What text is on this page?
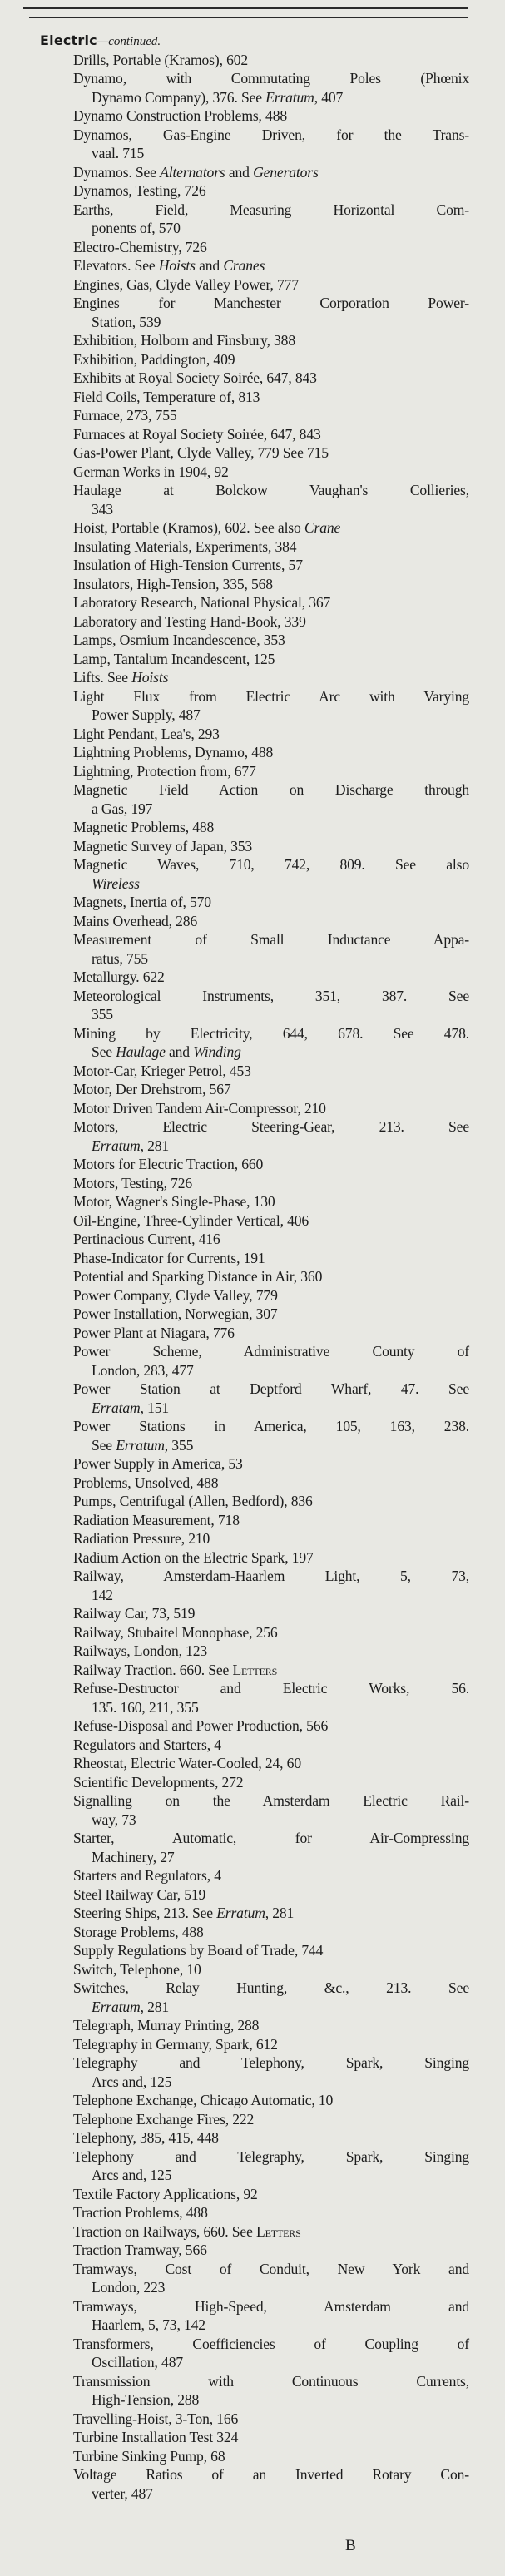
Electric—continued.
Drills, Portable (Kramos), 602
Dynamo, with Commutating Poles (Phœnix
Dynamo Company), 376. See Erratum, 407
Dynamo Construction Problems, 488
Dynamos, Gas-Engine Driven, for the Trans-
vaal. 715
Dynamos. See Alternators and Generators
Dynamos, Testing, 726
Earths, Field, Measuring Horizontal Com-
ponents of, 570
Electro-Chemistry, 726
Elevators. See Hoists and Cranes
Engines, Gas, Clyde Valley Power, 777
Engines for Manchester Corporation Power-
Station, 539
Exhibition, Holborn and Finsbury, 388
Exhibition, Paddington, 409
Exhibits at Royal Society Soirée, 647, 843
Field Coils, Temperature of, 813
Furnace, 273, 755
Furnaces at Royal Society Soirée, 647, 843
Gas-Power Plant, Clyde Valley, 779 See 715
German Works in 1904, 92
Haulage at Bolckow Vaughan's Collieries,
343
Hoist, Portable (Kramos), 602. See also Crane
Insulating Materials, Experiments, 384
Insulation of High-Tension Currents, 57
Insulators, High-Tension, 335, 568
Laboratory Research, National Physical, 367
Laboratory and Testing Hand-Book, 339
Lamps, Osmium Incandescence, 353
Lamp, Tantalum Incandescent, 125
Lifts. See Hoists
Light Flux from Electric Arc with Varying
Power Supply, 487
Light Pendant, Lea's, 293
Lightning Problems, Dynamo, 488
Lightning, Protection from, 677
Magnetic Field Action on Discharge through
a Gas, 197
Magnetic Problems, 488
Magnetic Survey of Japan, 353
Magnetic Waves, 710, 742, 809. See also
Wireless
Magnets, Inertia of, 570
Mains Overhead, 286
Measurement of Small Inductance Appa-
ratus, 755
Metallurgy. 622
Meteorological Instruments, 351, 387. See
355
Mining by Electricity, 644, 678. See 478.
See Haulage and Winding
Motor-Car, Krieger Petrol, 453
Motor, Der Drehstrom, 567
Motor Driven Tandem Air-Compressor, 210
Motors, Electric Steering-Gear, 213. See
Erratum, 281
Motors for Electric Traction, 660
Motors, Testing, 726
Motor, Wagner's Single-Phase, 130
Oil-Engine, Three-Cylinder Vertical, 406
Pertinacious Current, 416
Phase-Indicator for Currents, 191
Potential and Sparking Distance in Air, 360
Power Company, Clyde Valley, 779
Power Installation, Norwegian, 307
Power Plant at Niagara, 776
Power Scheme, Administrative County of
London, 283, 477
Power Station at Deptford Wharf, 47. See
Erratam, 151
Power Stations in America, 105, 163, 238.
See Erratum, 355
Power Supply in America, 53
Problems, Unsolved, 488
Pumps, Centrifugal (Allen, Bedford), 836
Radiation Measurement, 718
Radiation Pressure, 210
Radium Action on the Electric Spark, 197
Railway, Amsterdam-Haarlem Light, 5, 73,
142
Railway Car, 73, 519
Railway, Stubaitel Monophase, 256
Railways, London, 123
Railway Traction. 660. See Letters
Refuse-Destructor and Electric Works, 56.
135. 160, 211, 355
Refuse-Disposal and Power Production, 566
Regulators and Starters, 4
Rheostat, Electric Water-Cooled, 24, 60
Scientific Developments, 272
Signalling on the Amsterdam Electric Rail-
way, 73
Starter, Automatic, for Air-Compressing
Machinery, 27
Starters and Regulators, 4
Steel Railway Car, 519
Steering Ships, 213. See Erratum, 281
Storage Problems, 488
Supply Regulations by Board of Trade, 744
Switch, Telephone, 10
Switches, Relay Hunting, &c., 213. See
Erratum, 281
Telegraph, Murray Printing, 288
Telegraphy in Germany, Spark, 612
Telegraphy and Telephony, Spark, Singing
Arcs and, 125
Telephone Exchange, Chicago Automatic, 10
Telephone Exchange Fires, 222
Telephony, 385, 415, 448
Telephony and Telegraphy, Spark, Singing
Arcs and, 125
Textile Factory Applications, 92
Traction Problems, 488
Traction on Railways, 660. See Letters
Traction Tramway, 566
Tramways, Cost of Conduit, New York and
London, 223
Tramways, High-Speed, Amsterdam and
Haarlem, 5, 73, 142
Transformers, Coefficiencies of Coupling of
Oscillation, 487
Transmission with Continuous Currents,
High-Tension, 288
Travelling-Hoist, 3-Ton, 166
Turbine Installation Test 324
Turbine Sinking Pump, 68
Voltage Ratios of an Inverted Rotary Con-
verter, 487
B
